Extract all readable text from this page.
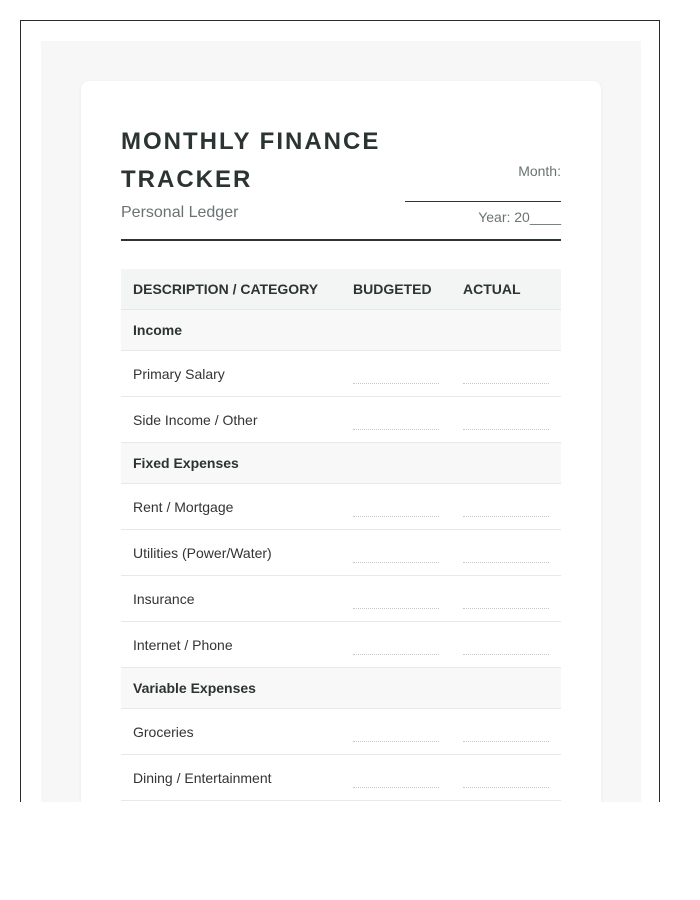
MONTHLY FINANCE TRACKER
Personal Ledger
Month:
Year: 20____
DESCRIPTION / CATEGORY	BUDGETED	ACTUAL
Income		
Primary Salary	

Side Income / Other	

Fixed Expenses		
Rent / Mortgage	

Utilities (Power/Water)	

Insurance	

Internet / Phone	

Variable Expenses		
Groceries	

Dining / Entertainment	
